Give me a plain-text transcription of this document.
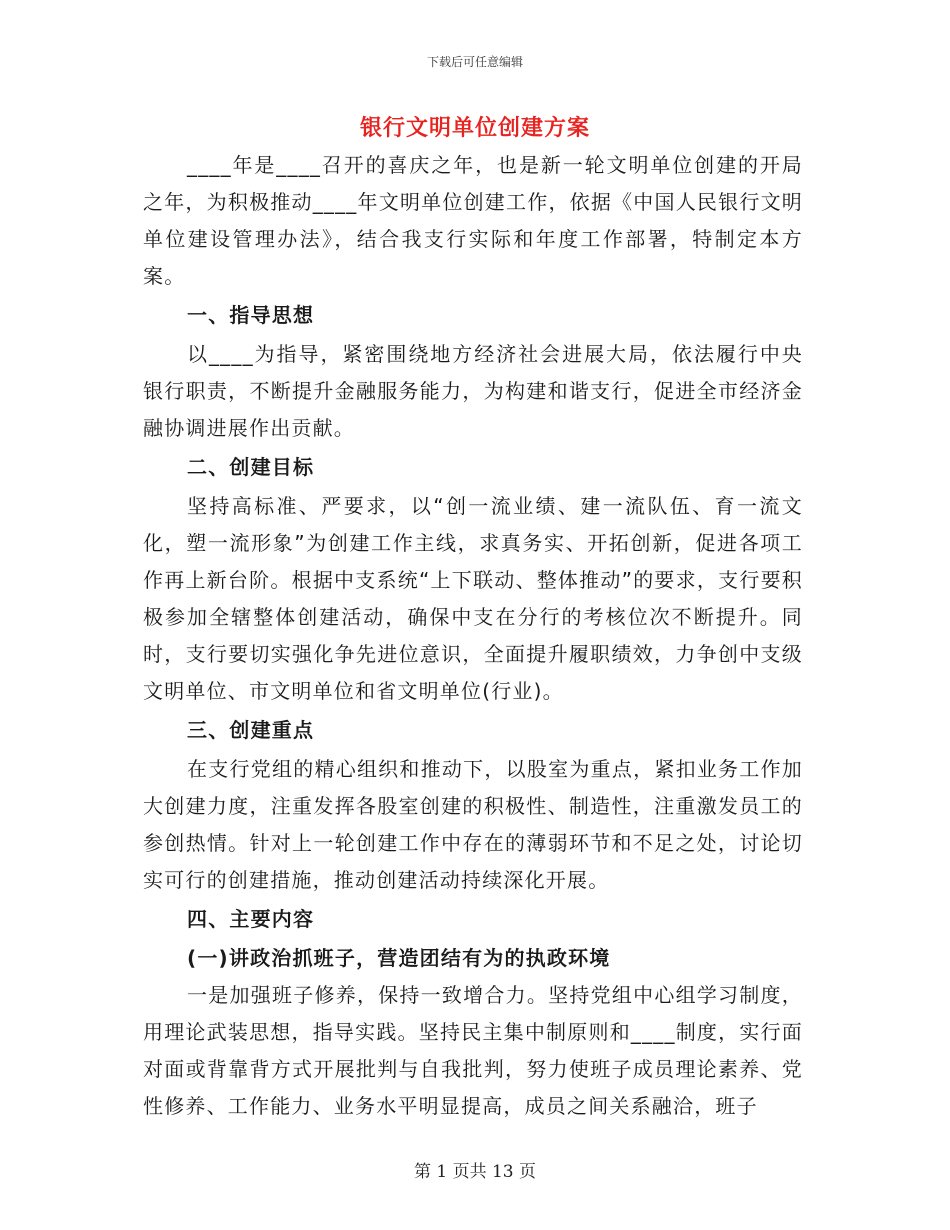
下载后可任意编辑
银行文明单位创建方案

____年是____召开的喜庆之年，也是新一轮文明单位创建的开局之年，为积极推动____年文明单位创建工作，依据《中国人民银行文明单位建设管理办法》，结合我支行实际和年度工作部署，特制定本方案。

一、指导思想

以____为指导，紧密围绕地方经济社会进展大局，依法履行中央银行职责，不断提升金融服务能力，为构建和谐支行，促进全市经济金融协调进展作出贡献。

二、创建目标

坚持高标准、严要求，以“创一流业绩、建一流队伍、育一流文化，塑一流形象”为创建工作主线，求真务实、开拓创新，促进各项工作再上新台阶。根据中支系统“上下联动、整体推动”的要求，支行要积极参加全辖整体创建活动，确保中支在分行的考核位次不断提升。同时，支行要切实强化争先进位意识，全面提升履职绩效，力争创中支级文明单位、市文明单位和省文明单位(行业)。

三、创建重点

在支行党组的精心组织和推动下，以股室为重点，紧扣业务工作加大创建力度，注重发挥各股室创建的积极性、制造性，注重激发员工的参创热情。针对上一轮创建工作中存在的薄弱环节和不足之处，讨论切实可行的创建措施，推动创建活动持续深化开展。

四、主要内容

(一)讲政治抓班子，营造团结有为的执政环境

一是加强班子修养，保持一致增合力。坚持党组中心组学习制度，用理论武装思想，指导实践。坚持民主集中制原则和____制度，实行面对面或背靠背方式开展批判与自我批判，努力使班子成员理论素养、党性修养、工作能力、业务水平明显提高，成员之间关系融洽，班子

第 1 页共 13 页
